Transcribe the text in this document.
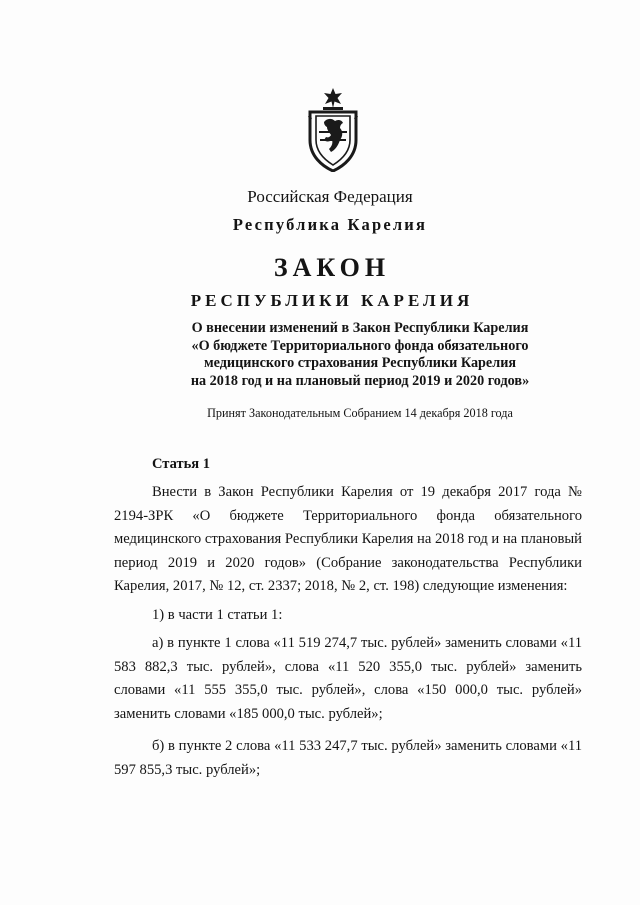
Российская Федерация
Республика Карелия
ЗАКОН
РЕСПУБЛИКИ КАРЕЛИЯ
О внесении изменений в Закон Республики Карелия
«О бюджете Территориального фонда обязательного
медицинского страхования Республики Карелия
на 2018 год и на плановый период 2019 и 2020 годов»
Принят Законодательным Собранием 14 декабря 2018 года
Статья 1
Внести в Закон Республики Карелия от 19 декабря 2017 года № 2194-ЗРК «О бюджете Территориального фонда обязательного медицинского страхования Республики Карелия на 2018 год и на плановый период 2019 и 2020 годов» (Собрание законодательства Республики Карелия, 2017, № 12, ст. 2337; 2018, № 2, ст. 198) следующие изменения:
1) в части 1 статьи 1:
а) в пункте 1 слова «11 519 274,7 тыс. рублей» заменить словами «11 583 882,3 тыс. рублей», слова «11 520 355,0 тыс. рублей» заменить словами «11 555 355,0 тыс. рублей», слова «150 000,0 тыс. рублей» заменить словами «185 000,0 тыс. рублей»;
б) в пункте 2 слова «11 533 247,7 тыс. рублей» заменить словами «11 597 855,3 тыс. рублей»;
